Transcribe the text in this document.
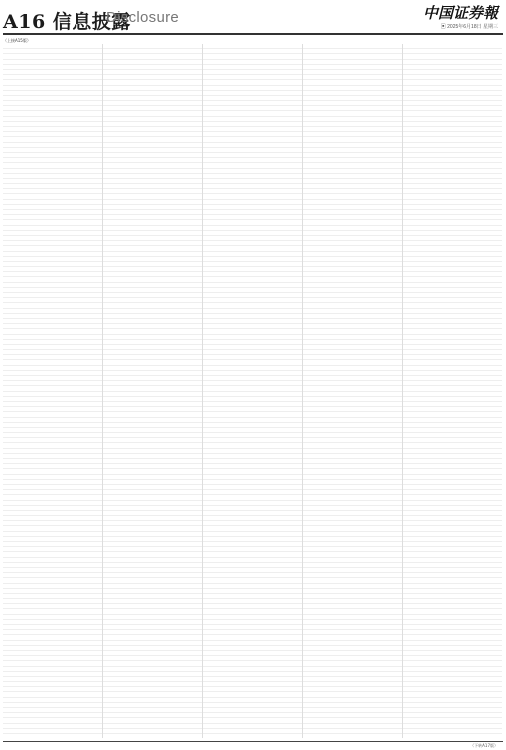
A16 信息披露
Disclosure	中国证券報
▣ 2025年6月18日 星期三
（上接A15版）
（下转A17版）
